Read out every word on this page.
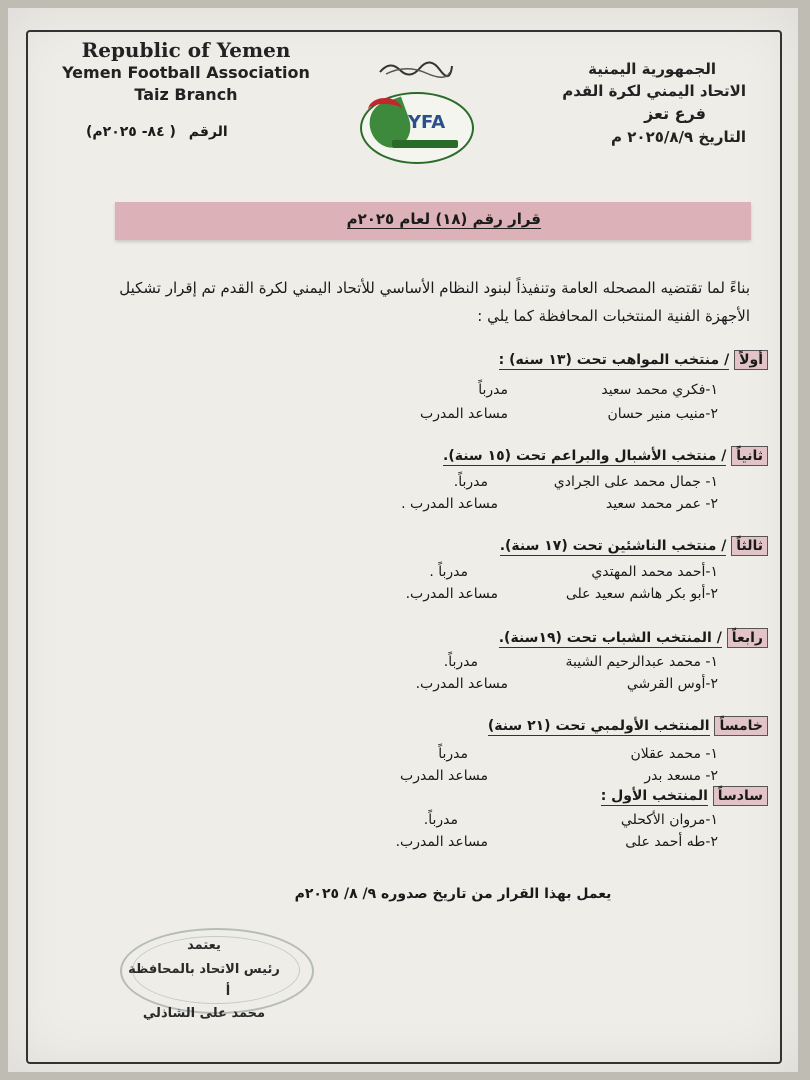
Republic of Yemen
Yemen Football Association
Taiz Branch
الرقم ( ٨٤- ٢٠٢٥م)	YFA
الجمهورية اليمنية
الاتحاد اليمني لكرة القدم
فرع تعز
التاريخ ٢٠٢٥/٨/٩ م
قرار رقم (١٨) لعام ٢٠٢٥م
بناءً لما تقتضيه المصحله العامة وتنفيذاً لبنود النظام الأساسي للأتحاد اليمني لكرة القدم تم إقرار تشكيل الأجهزة الفنية المنتخبات المحافظة كما يلي :
أولاً / منتخب المواهب تحت (١٣ سنه) :
١-فكري محمد سعيد
مدرباً
٢-منيب منير حسان
مساعد المدرب
ثانياً / منتخب الأشبال والبراعم تحت (١٥ سنة).
١- جمال محمد على الجرادي
مدرباً.
٢- عمر محمد سعيد
مساعد المدرب .
ثالثاً / منتخب الناشئين تحت (١٧ سنة).
١-أحمد محمد المهتدي
مدرباً .
٢-أبو بكر هاشم سعيد على
مساعد المدرب.
رابعاً / المنتخب الشباب تحت (١٩سنة).
١- محمد عبدالرحيم الشيبة
مدرباً.
٢-أوس القرشي
مساعد المدرب.
خامساً المنتخب الأولمبي تحت (٢١ سنة)
١- محمد عقلان
مدرباً
٢- مسعد بدر
مساعد المدرب
سادساً المنتخب الأول :
١-مروان الأكحلي
مدرباً.
٢-طه أحمد على
مساعد المدرب.
يعمل بهذا القرار من تاريخ صدوره ٩/ ٨/ ٢٠٢٥م
يعتمد
رئيس الاتحاد بالمحافظة
أ
محمد على الشاذلي
